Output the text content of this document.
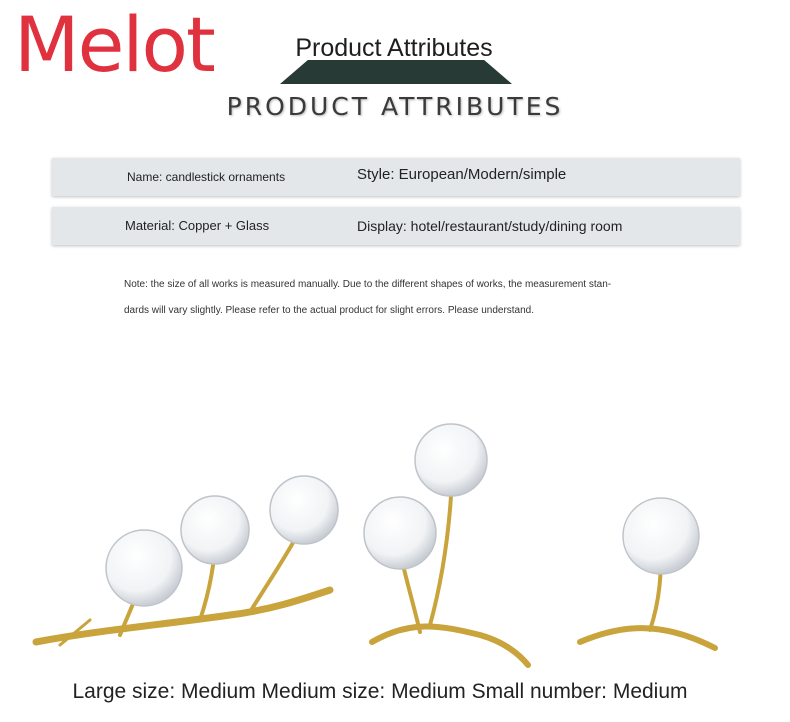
Melot	Product Attributes
PRODUCT ATTRIBUTES
Name: candlestick ornaments	Style: European/Modern/simple
Material: Copper + Glass	Display: hotel/restaurant/study/dining room
Note: the size of all works is measured manually. Due to the different shapes of works, the measurement stan-
dards will vary slightly. Please refer to the actual product for slight errors. Please understand.
Large size: Medium Medium size: Medium Small number: Medium
